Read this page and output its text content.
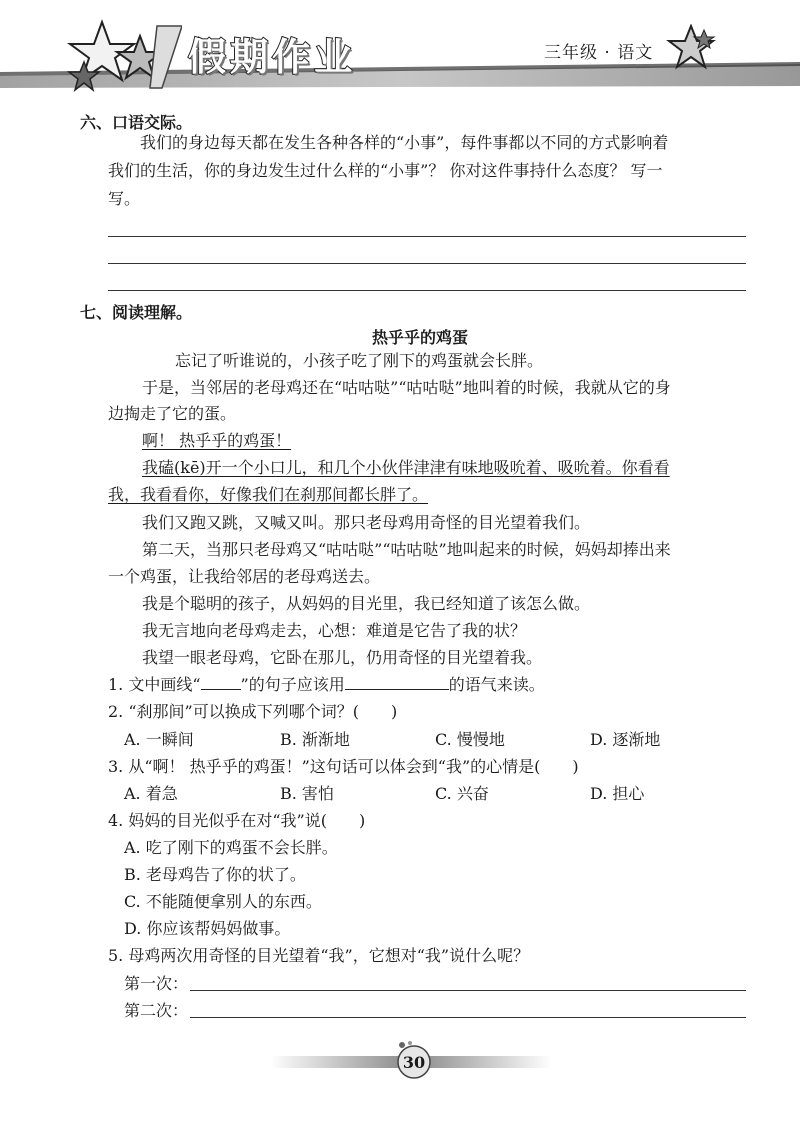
假期作业	三年级 · 语文
六、口语交际。
我们的身边每天都在发生各种各样的“小事”，每件事都以不同的方式影响着
我们的生活，你的身边发生过什么样的“小事”？ 你对这件事持什么态度？ 写一
写。
七、阅读理解。
热乎乎的鸡蛋
忘记了听谁说的，小孩子吃了刚下的鸡蛋就会长胖。
于是，当邻居的老母鸡还在“咕咕哒”“咕咕哒”地叫着的时候，我就从它的身
边掏走了它的蛋。
啊！ 热乎乎的鸡蛋！
我磕(kē)开一个小口儿，和几个小伙伴津津有味地吸吮着、吸吮着。你看看
我，我看看你，好像我们在刹那间都长胖了。
我们又跑又跳，又喊又叫。那只老母鸡用奇怪的目光望着我们。
第二天，当那只老母鸡又“咕咕哒”“咕咕哒”地叫起来的时候，妈妈却捧出来
一个鸡蛋，让我给邻居的老母鸡送去。
我是个聪明的孩子，从妈妈的目光里，我已经知道了该怎么做。
我无言地向老母鸡走去，心想：难道是它告了我的状？
我望一眼老母鸡，它卧在那儿，仍用奇怪的目光望着我。
1. 文中画线“	”的句子应该用	的语气来读。
2. “刹那间”可以换成下列哪个词？(　　)
A. 一瞬间	B. 渐渐地	C. 慢慢地	D. 逐渐地
3. 从“啊！ 热乎乎的鸡蛋！”这句话可以体会到“我”的心情是(　　)
A. 着急	B. 害怕	C. 兴奋	D. 担心
4. 妈妈的目光似乎在对“我”说(　　)
A. 吃了刚下的鸡蛋不会长胖。
B. 老母鸡告了你的状了。
C. 不能随便拿别人的东西。
D. 你应该帮妈妈做事。
5. 母鸡两次用奇怪的目光望着“我”，它想对“我”说什么呢？
第一次：
第二次：
30
